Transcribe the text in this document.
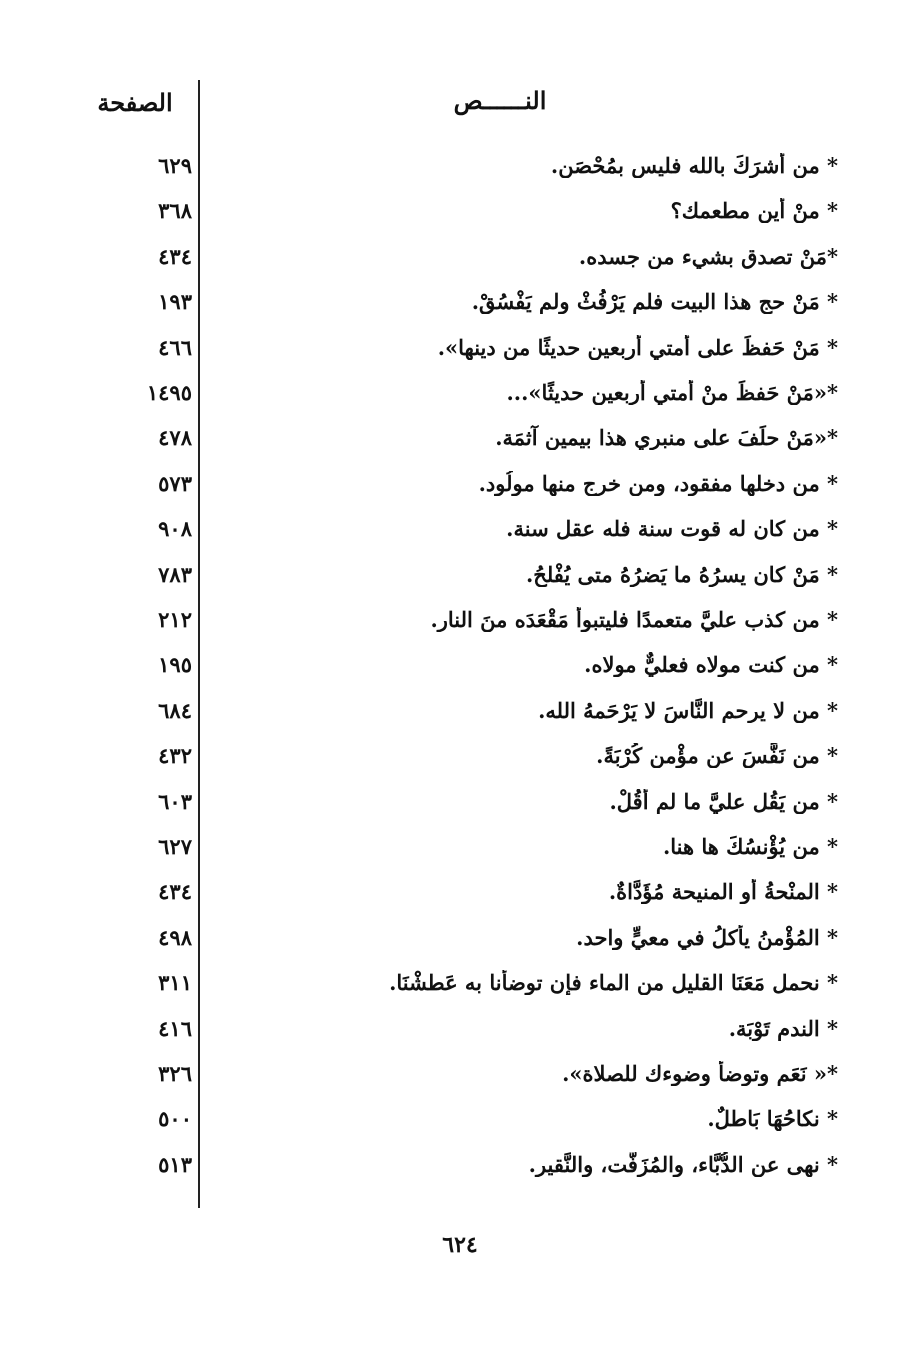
النــــــص
الصفحة
* من أشرَكَ بالله فليس بمُحْصَن.
٦٢٩
* منْ أين مطعمك؟
٣٦٨
*مَنْ تصدق بشيء من جسده.
٤٣٤
* مَنْ حج هذا البيت فلم يَرْفُثْ ولم يَفْسُقْ.
١٩٣
* مَنْ حَفظَ على أمتي أربعين حديثًا من دينها».
٤٦٦
*«مَنْ حَفظَ منْ أمتي أربعين حديثًا»...
١٤٩٥
*«مَنْ حلَفَ على منبري هذا بيمين آثمَة.
٤٧٨
* من دخلها مفقود، ومن خرج منها مولُود.
٥٧٣
* من كان له قوت سنة فله عقل سنة.
٩٠٨
* مَنْ كان يسرُهُ ما يَضرُهُ متى يُفْلحُ.
٧٨٣
* من كذب عليَّ متعمدًا فليتبوأ مَقْعَدَه منَ النار.
٢١٢
* من كنت مولاه فعليٌّ مولاه.
١٩٥
* من لا يرحم النَّاسَ لا يَرْحَمهُ الله.
٦٨٤
* من نَفَّسَ عن مؤْمن كُرْبَةً.
٤٣٢
* من يَقُل عليَّ ما لم أَقُلْ.
٦٠٣
* من يُؤْنسُكَ ها هنا.
٦٢٧
* المنْحةُ أو المنيحة مُؤَدَّاةٌ.
٤٣٤
* المُؤْمنُ يأكلُ في معيٍّ واحد.
٤٩٨
* نحمل مَعَنَا القليل من الماء فإن توضأنا به عَطشْنَا.
٣١١
* الندم تَوْبَة.
٤١٦
*« نَعَم وتوضأ وضوءك للصلاة».
٣٢٦
* نكاحُهَا بَاطلٌ.
٥٠٠
* نهى عن الدُّبَّاء، والمُزَفَّت، والنَّقير.
٥١٣
٦٢٤
